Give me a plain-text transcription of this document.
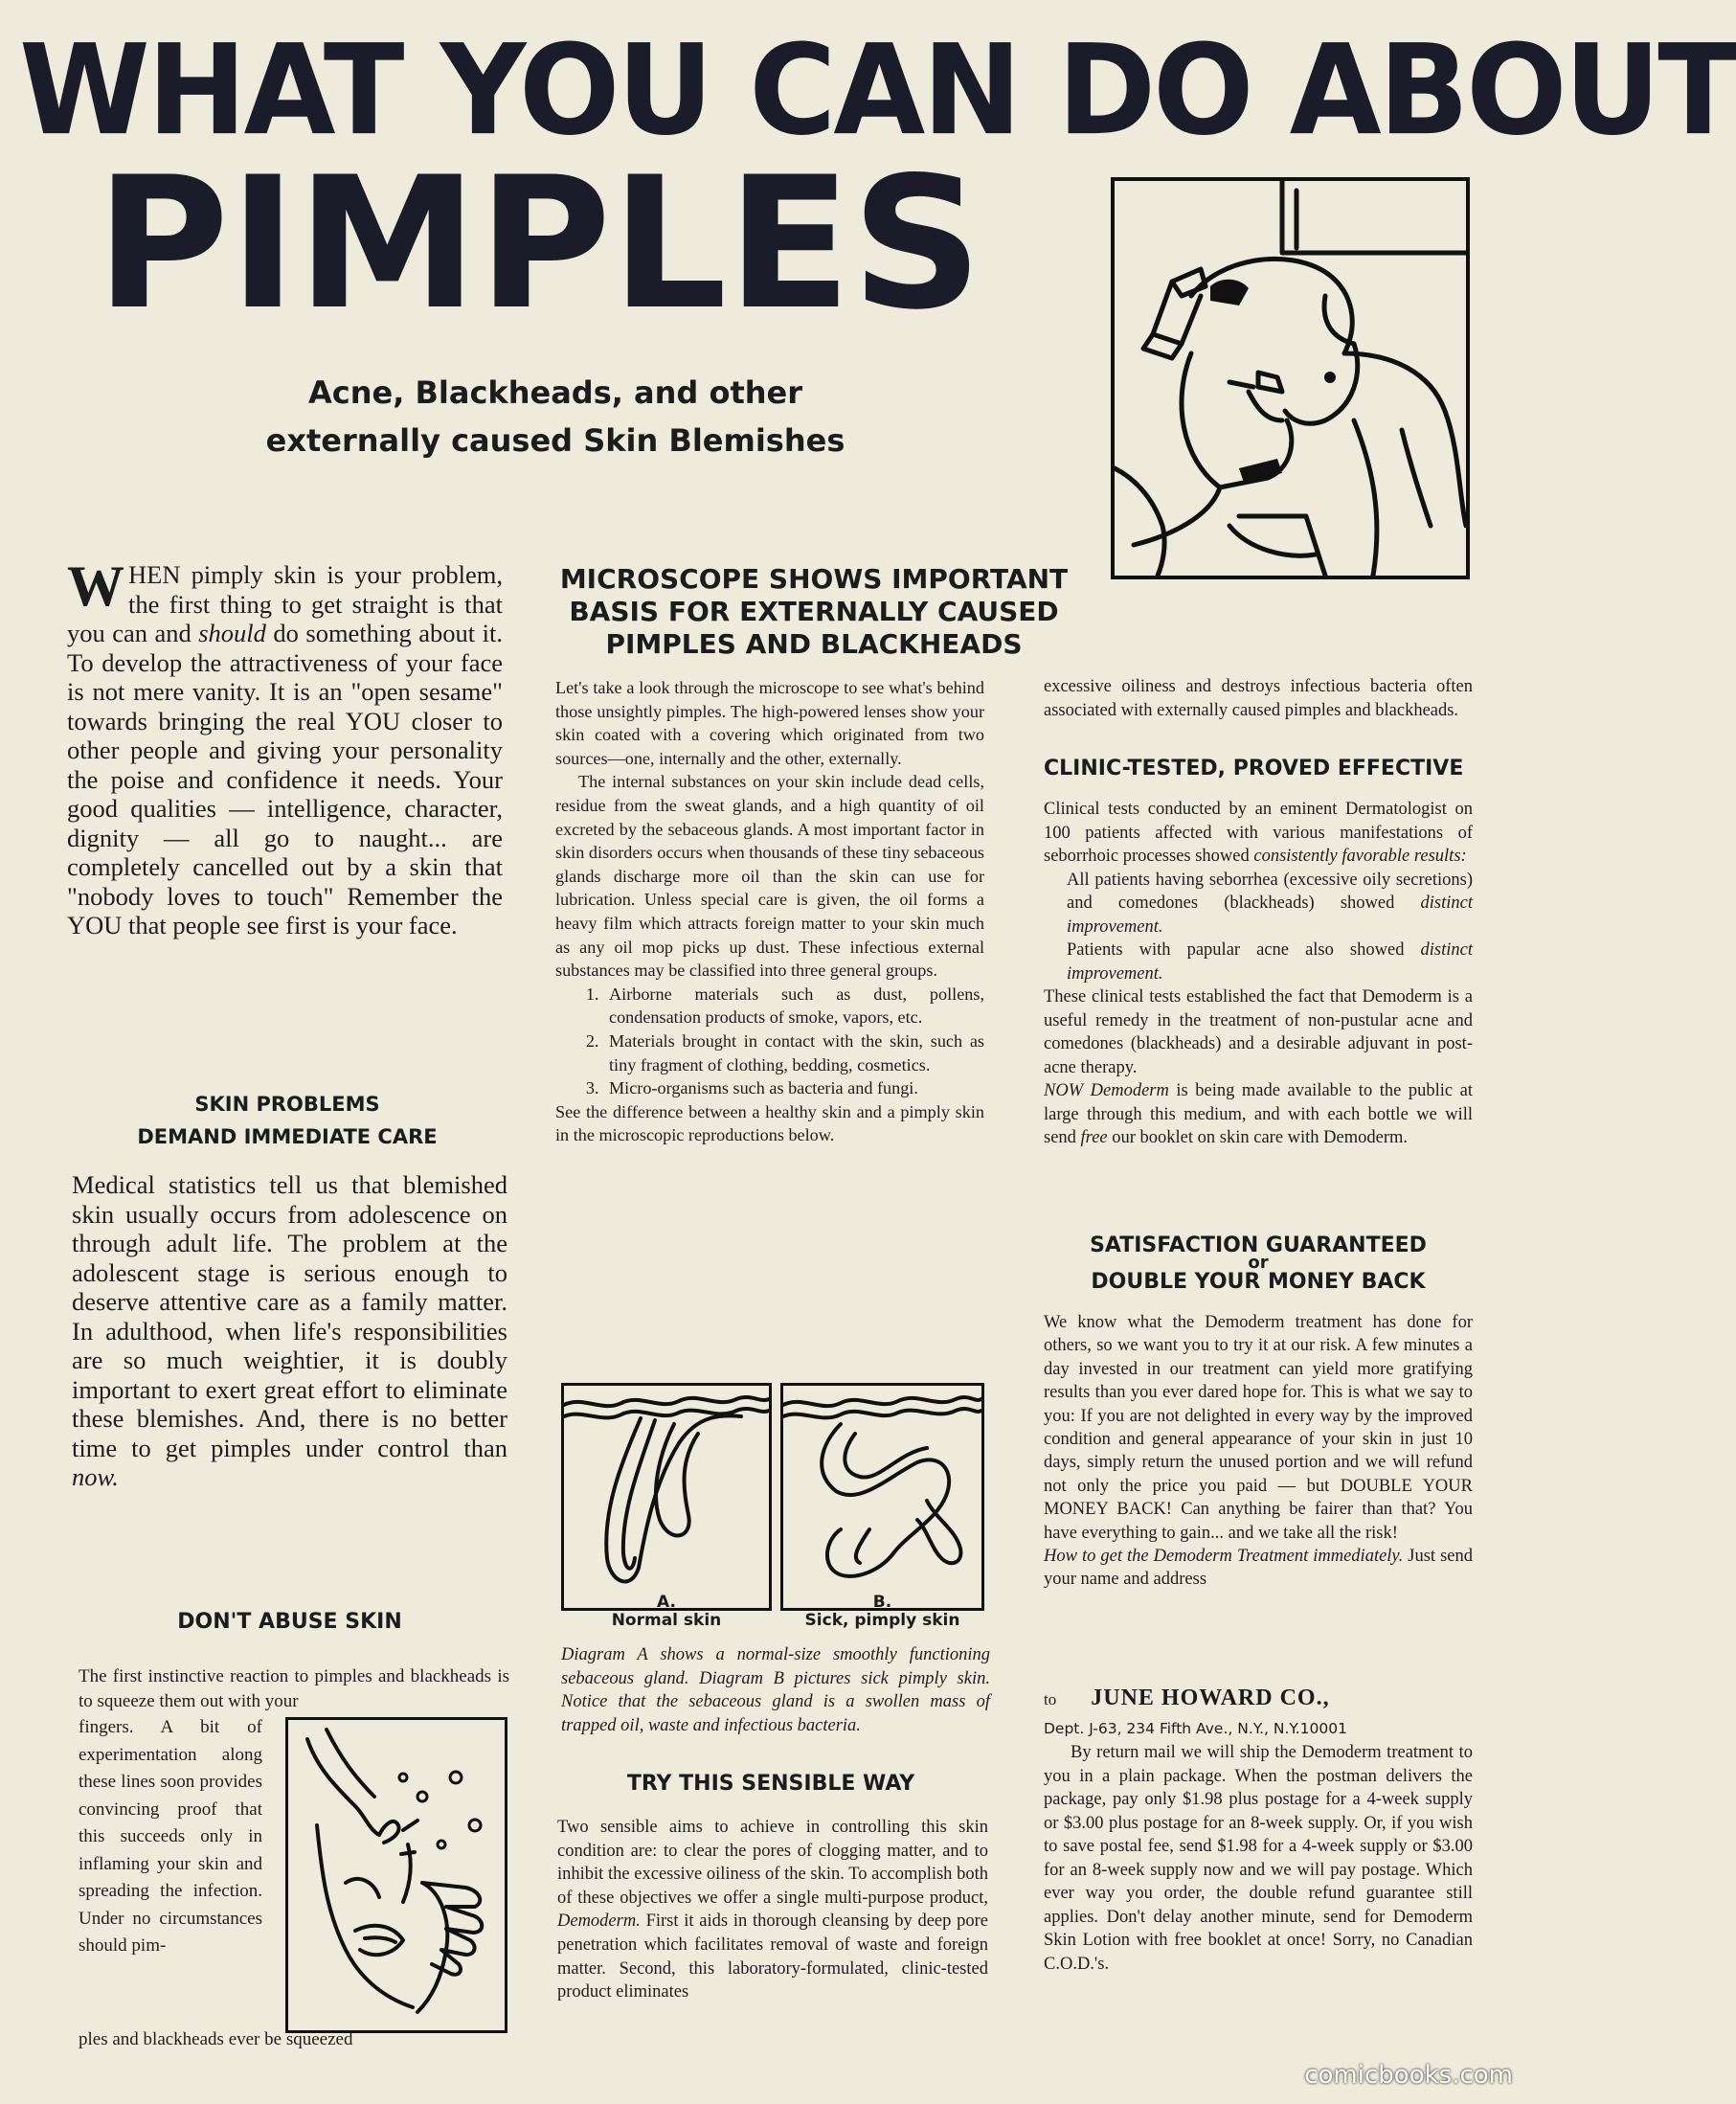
WHAT YOU CAN DO ABOUT
PIMPLES
Acne, Blackheads, and other
externally caused Skin Blemishes

WHEN pimply skin is your problem, the first thing to get straight is that you can and should do something about it. To develop the attractiveness of your face is not mere vanity. It is an "open sesame" towards bringing the real YOU closer to other people and giving your personality the poise and confidence it needs. Your good qualities — intelligence, character, dignity — all go to naught... are completely cancelled out by a skin that "nobody loves to touch" Remember the YOU that people see first is your face.

SKIN PROBLEMS
DEMAND IMMEDIATE CARE

Medical statistics tell us that blemished skin usually occurs from adolescence on through adult life. The problem at the adolescent stage is serious enough to deserve attentive care as a family matter. In adulthood, when life's responsibilities are so much weightier, it is doubly important to exert great effort to eliminate these blemishes. And, there is no better time to get pimples under control than now.

DON'T ABUSE SKIN
The first instinctive reaction to pimples and blackheads is to squeeze them out with your
fingers. A bit of experimentation along these lines soon provides convincing proof that this succeeds only in inflaming your skin and spreading the infection. Under no circumstances should pim-
ples and blackheads ever be squeezed
MICROSCOPE SHOWS IMPORTANT
BASIS FOR EXTERNALLY CAUSED
PIMPLES AND BLACKHEADS

Let's take a look through the microscope to see what's behind those unsightly pimples. The high-powered lenses show your skin coated with a covering which originated from two sources—one, internally and the other, externally.

The internal substances on your skin include dead cells, residue from the sweat glands, and a high quantity of oil excreted by the sebaceous glands. A most important factor in skin disorders occurs when thousands of these tiny sebaceous glands discharge more oil than the skin can use for lubrication. Unless special care is given, the oil forms a heavy film which attracts foreign matter to your skin much as any oil mop picks up dust. These infectious external substances may be classified into three general groups.

1. Airborne materials such as dust, pollens, condensation products of smoke, vapors, etc.
2. Materials brought in contact with the skin, such as tiny fragment of clothing, bedding, cosmetics.
3. Micro-organisms such as bacteria and fungi.

See the difference between a healthy skin and a pimply skin in the microscopic reproductions below.

A.
Normal skin
B.
Sick, pimply skin
Diagram A shows a normal-size smoothly functioning sebaceous gland. Diagram B pictures sick pimply skin. Notice that the sebaceous gland is a swollen mass of trapped oil, waste and infectious bacteria.
TRY THIS SENSIBLE WAY
Two sensible aims to achieve in controlling this skin condition are: to clear the pores of clogging matter, and to inhibit the excessive oiliness of the skin. To accomplish both of these objectives we offer a single multi-purpose product, Demoderm. First it aids in thorough cleansing by deep pore penetration which facilitates removal of waste and foreign matter. Second, this laboratory-formulated, clinic-tested product eliminates
excessive oiliness and destroys infectious bacteria often associated with externally caused pimples and blackheads.
CLINIC-TESTED, PROVED EFFECTIVE

Clinical tests conducted by an eminent Dermatologist on 100 patients affected with various manifestations of seborrhoic processes showed consistently favorable results:

All patients having seborrhea (excessive oily secretions) and comedones (blackheads) showed distinct improvement.

Patients with papular acne also showed distinct improvement.

These clinical tests established the fact that Demoderm is a useful remedy in the treatment of non-pustular acne and comedones (blackheads) and a desirable adjuvant in post-acne therapy.

NOW Demoderm is being made available to the public at large through this medium, and with each bottle we will send free our booklet on skin care with Demoderm.

SATISFACTION GUARANTEED
or
DOUBLE YOUR MONEY BACK

We know what the Demoderm treatment has done for others, so we want you to try it at our risk. A few minutes a day invested in our treatment can yield more gratifying results than you ever dared hope for. This is what we say to you: If you are not delighted in every way by the improved condition and general appearance of your skin in just 10 days, simply return the unused portion and we will refund not only the price you paid — but DOUBLE YOUR MONEY BACK! Can anything be fairer than that? You have everything to gain... and we take all the risk!

How to get the Demoderm Treatment immediately. Just send your name and address

to JUNE HOWARD CO.,
Dept. J-63, 234 Fifth Ave., N.Y., N.Y.10001

By return mail we will ship the Demoderm treatment to you in a plain package. When the postman delivers the package, pay only $1.98 plus postage for a 4-week supply or $3.00 plus postage for an 8-week supply. Or, if you wish to save postal fee, send $1.98 for a 4-week supply or $3.00 for an 8-week supply now and we will pay postage. Which ever way you order, the double refund guarantee still applies. Don't delay another minute, send for Demoderm Skin Lotion with free booklet at once! Sorry, no Canadian C.O.D.'s.

comicbooks.com
